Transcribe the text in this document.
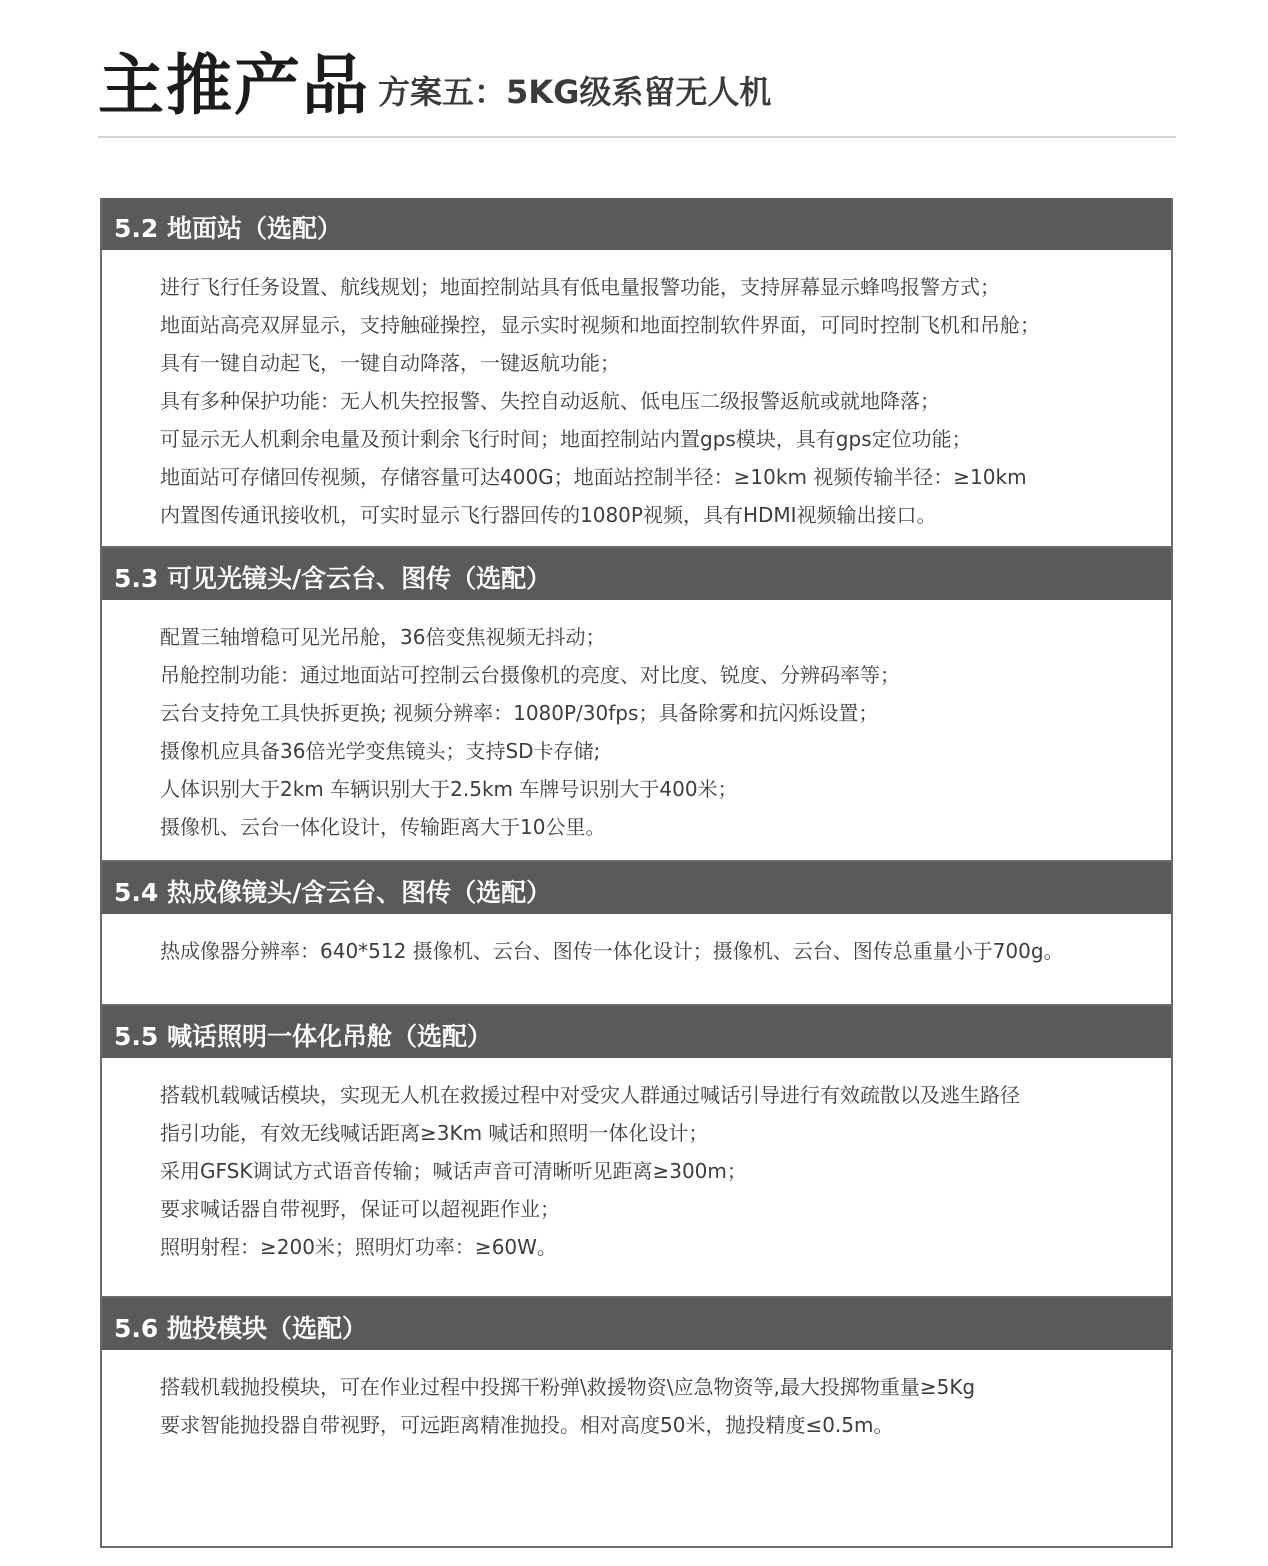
主推产品 方案五：5KG级系留无人机
5.2 地面站（选配）
进行飞行任务设置、航线规划；地面控制站具有低电量报警功能，支持屏幕显示蜂鸣报警方式；
地面站高亮双屏显示，支持触碰操控，显示实时视频和地面控制软件界面，可同时控制飞机和吊舱；
具有一键自动起飞，一键自动降落，一键返航功能；
具有多种保护功能：无人机失控报警、失控自动返航、低电压二级报警返航或就地降落；
可显示无人机剩余电量及预计剩余飞行时间；地面控制站内置gps模块，具有gps定位功能；
地面站可存储回传视频，存储容量可达400G；地面站控制半径：≥10km 视频传输半径：≥10km
内置图传通讯接收机，可实时显示飞行器回传的1080P视频，具有HDMI视频输出接口。
5.3 可见光镜头/含云台、图传（选配）
配置三轴增稳可见光吊舱，36倍变焦视频无抖动；
吊舱控制功能：通过地面站可控制云台摄像机的亮度、对比度、锐度、分辨码率等；
云台支持免工具快拆更换; 视频分辨率：1080P/30fps；具备除雾和抗闪烁设置；
摄像机应具备36倍光学变焦镜头；支持SD卡存储;
人体识别大于2km 车辆识别大于2.5km 车牌号识别大于400米；
摄像机、云台一体化设计，传输距离大于10公里。
5.4 热成像镜头/含云台、图传（选配）
热成像器分辨率：640*512 摄像机、云台、图传一体化设计；摄像机、云台、图传总重量小于700g。
5.5 喊话照明一体化吊舱（选配）
搭载机载喊话模块，实现无人机在救援过程中对受灾人群通过喊话引导进行有效疏散以及逃生路径
指引功能，有效无线喊话距离≥3Km 喊话和照明一体化设计；
采用GFSK调试方式语音传输；喊话声音可清晰听见距离≥300m；
要求喊话器自带视野，保证可以超视距作业；
照明射程：≥200米；照明灯功率：≥60W。
5.6 抛投模块（选配）
搭载机载抛投模块，可在作业过程中投掷干粉弹\救援物资\应急物资等,最大投掷物重量≥5Kg
要求智能抛投器自带视野，可远距离精准抛投。相对高度50米，抛投精度≤0.5m。
